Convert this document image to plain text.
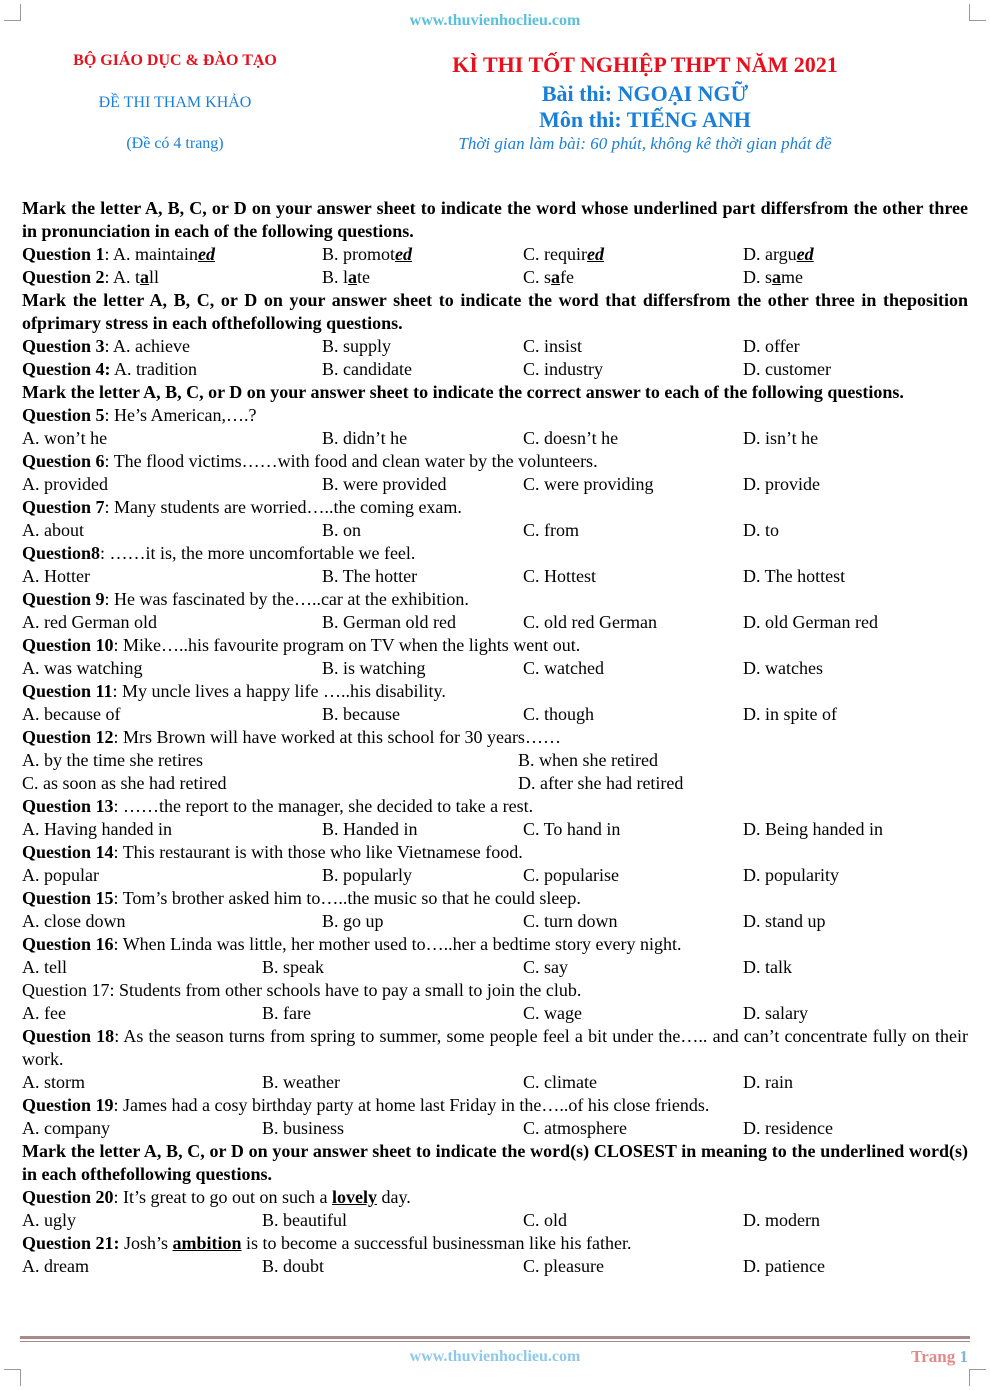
www.thuvienhoclieu.com
BỘ GIÁO DỤC & ĐÀO TẠO
ĐỀ THI THAM KHẢO
(Đề có 4 trang)
KÌ THI TỐT NGHIỆP THPT NĂM 2021
Bài thi: NGOẠI NGỮ
Môn thi: TIẾNG ANH
Thời gian làm bài: 60 phút, không kê thời gian phát đề
Mark the letter A, B, C, or D on your answer sheet to indicate the word whose underlined part differsfrom the other three in pronunciation in each of the following questions.
Question 1: A. maintained	B. promoted	C. required	D. argued
Question 2: A. tall	B. late	C. safe	D. same
Mark the letter A, B, C, or D on your answer sheet to indicate the word that differsfrom the other three in theposition ofprimary stress in each ofthefollowing questions.
Question 3: A. achieve	B. supply	C. insist	D. offer
Question 4: A. tradition	B. candidate	C. industry	D. customer
Mark the letter A, B, C, or D on your answer sheet to indicate the correct answer to each of the following questions.
Question 5: He’s American,….?
A. won’t he	B. didn’t he	C. doesn’t he	D. isn’t he
Question 6: The flood victims……with food and clean water by the volunteers.
A. provided	B. were provided	C. were providing	D. provide
Question 7: Many students are worried…..the coming exam.
A. about	B. on	C. from	D. to
Question8: ……it is, the more uncomfortable we feel.
A. Hotter	B. The hotter	C. Hottest	D. The hottest
Question 9: He was fascinated by the…..car at the exhibition.
A. red German old	B. German old red	C. old red German	D. old German red
Question 10: Mike…..his favourite program on TV when the lights went out.
A. was watching	B. is watching	C. watched	D. watches
Question 11: My uncle lives a happy life …..his disability.
A. because of	B. because	C. though	D. in spite of
Question 12: Mrs Brown will have worked at this school for 30 years……
A. by the time she retires	B. when she retired
C. as soon as she had retired	D. after she had retired
Question 13: ……the report to the manager, she decided to take a rest.
A. Having handed in	B. Handed in	C. To hand in	D. Being handed in
Question 14: This restaurant is with those who like Vietnamese food.
A. popular	B. popularly	C. popularise	D. popularity
Question 15: Tom’s brother asked him to…..the music so that he could sleep.
A. close down	B. go up	C. turn down	D. stand up
Question 16: When Linda was little, her mother used to…..her a bedtime story every night.
A. tell	B. speak	C. say	D. talk
Question 17: Students from other schools have to pay a small to join the club.
A. fee	B. fare	C. wage	D. salary
Question 18: As the season turns from spring to summer, some people feel a bit under the….. and can’t concentrate fully on their work.
A. storm	B. weather	C. climate	D. rain
Question 19: James had a cosy birthday party at home last Friday in the…..of his close friends.
A. company	B. business	C. atmosphere	D. residence
Mark the letter A, B, C, or D on your answer sheet to indicate the word(s) CLOSEST in meaning to the underlined word(s) in each ofthefollowing questions.
Question 20: It’s great to go out on such a lovely day.
A. ugly	B. beautiful	C. old	D. modern
Question 21: Josh’s ambition is to become a successful businessman like his father.
A. dream	B. doubt	C. pleasure	D. patience
www.thuvienhoclieu.com	Trang 1
